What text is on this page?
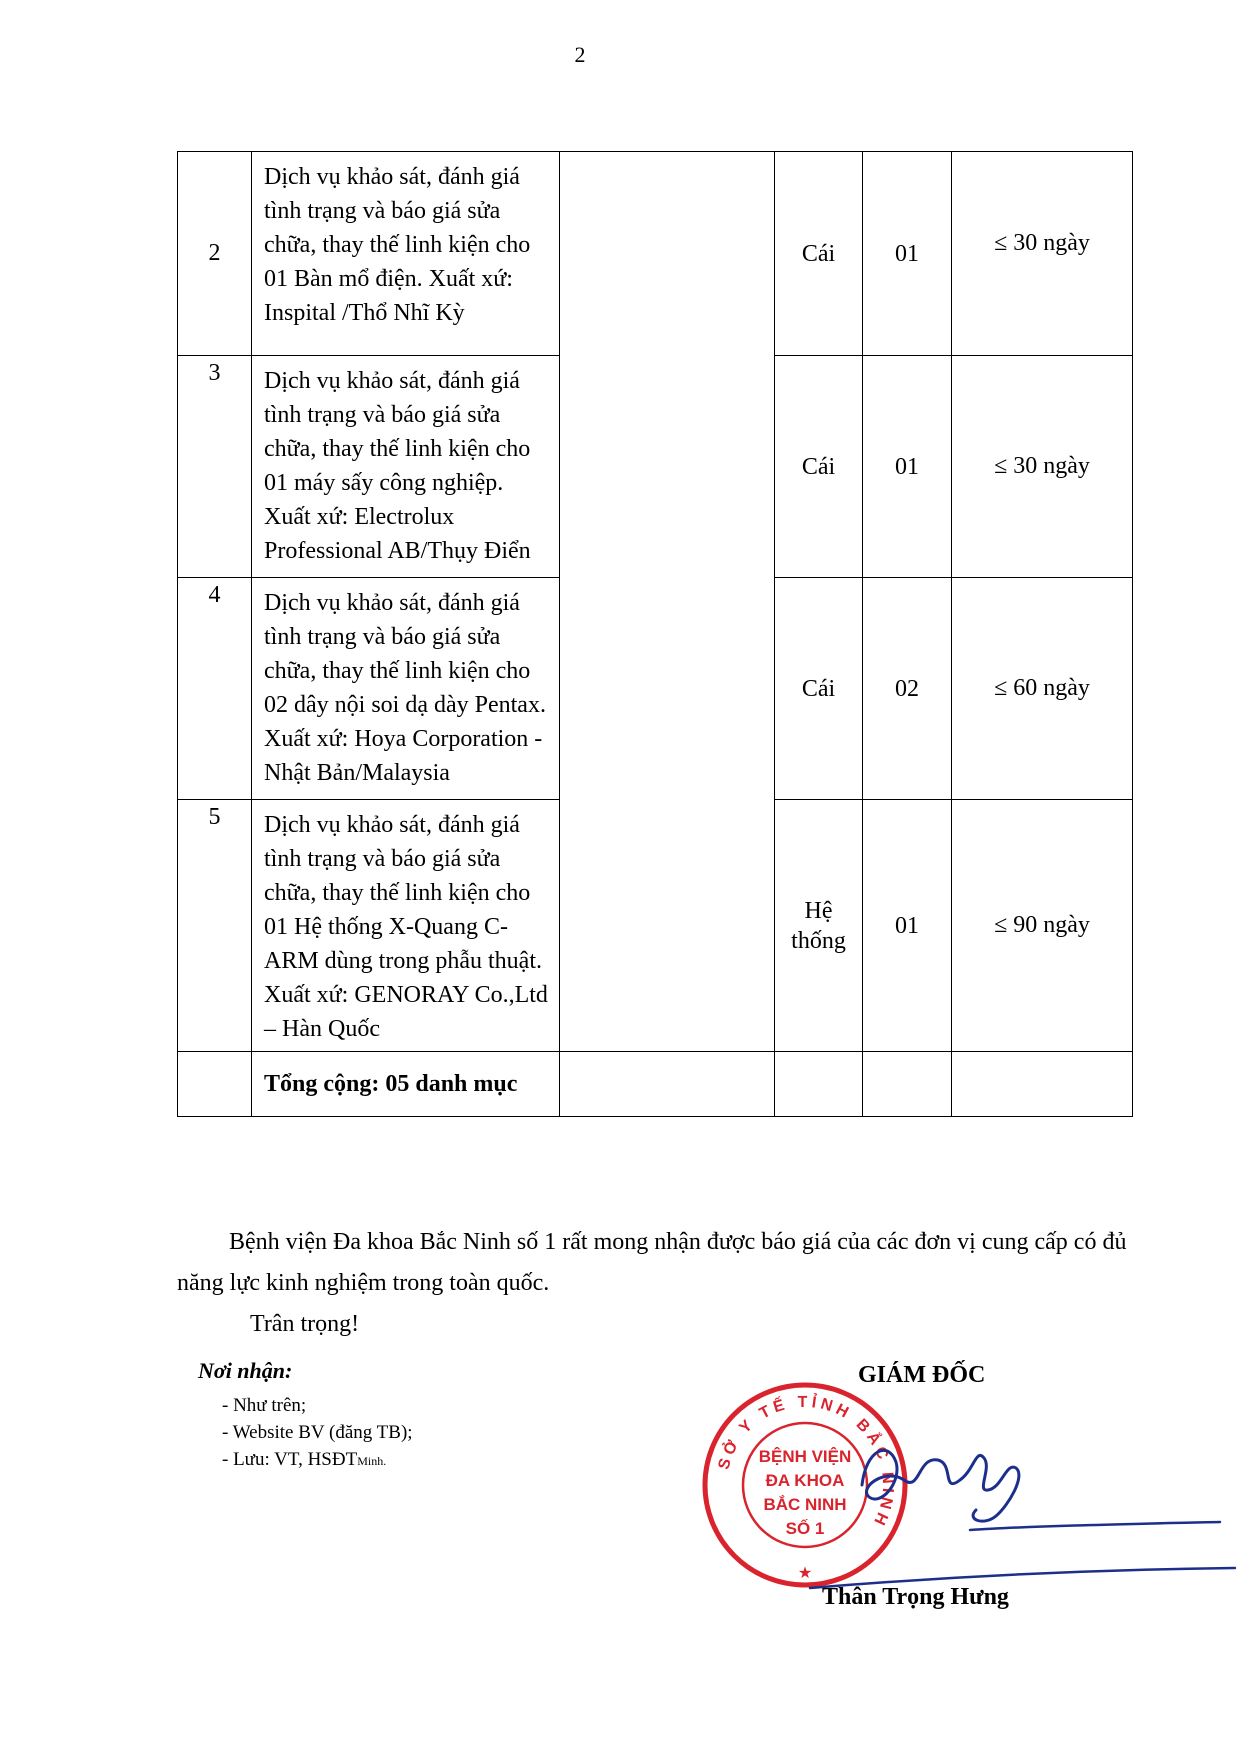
2
2	Dịch vụ khảo sát, đánh giá tình trạng và báo giá sửa chữa, thay thế linh kiện cho 01 Bàn mổ điện. Xuất xứ: Inspital /Thổ Nhĩ Kỳ		Cái	01	≤ 30 ngày
3	Dịch vụ khảo sát, đánh giá tình trạng và báo giá sửa chữa, thay thế linh kiện cho 01 máy sấy công nghiệp. Xuất xứ: Electrolux Professional AB/Thụy Điển		Cái	01	≤ 30 ngày
4	Dịch vụ khảo sát, đánh giá tình trạng và báo giá sửa chữa, thay thế linh kiện cho 02 dây nội soi dạ dày Pentax. Xuất xứ: Hoya Corporation - Nhật Bản/Malaysia		Cái	02	≤ 60 ngày
5	Dịch vụ khảo sát, đánh giá tình trạng và báo giá sửa chữa, thay thế linh kiện cho 01 Hệ thống X-Quang C-ARM dùng trong phẫu thuật. Xuất xứ: GENORAY Co.,Ltd – Hàn Quốc		Hệ thống	01	≤ 90 ngày
	Tổng cộng: 05 danh mục				

Bệnh viện Đa khoa Bắc Ninh số 1 rất mong nhận được báo giá của các đơn vị cung cấp có đủ năng lực kinh nghiệm trong toàn quốc.

Trân trọng!
Nơi nhận:
- Như trên;
- Website BV (đăng TB);
- Lưu: VT, HSĐTMinh.
GIÁM ĐỐC
SỞ Y TẾ TỈNH BẮC NINH
BỆNH VIỆN
ĐA KHOA
BẮC NINH
SỐ 1
★
Thân Trọng Hưng
